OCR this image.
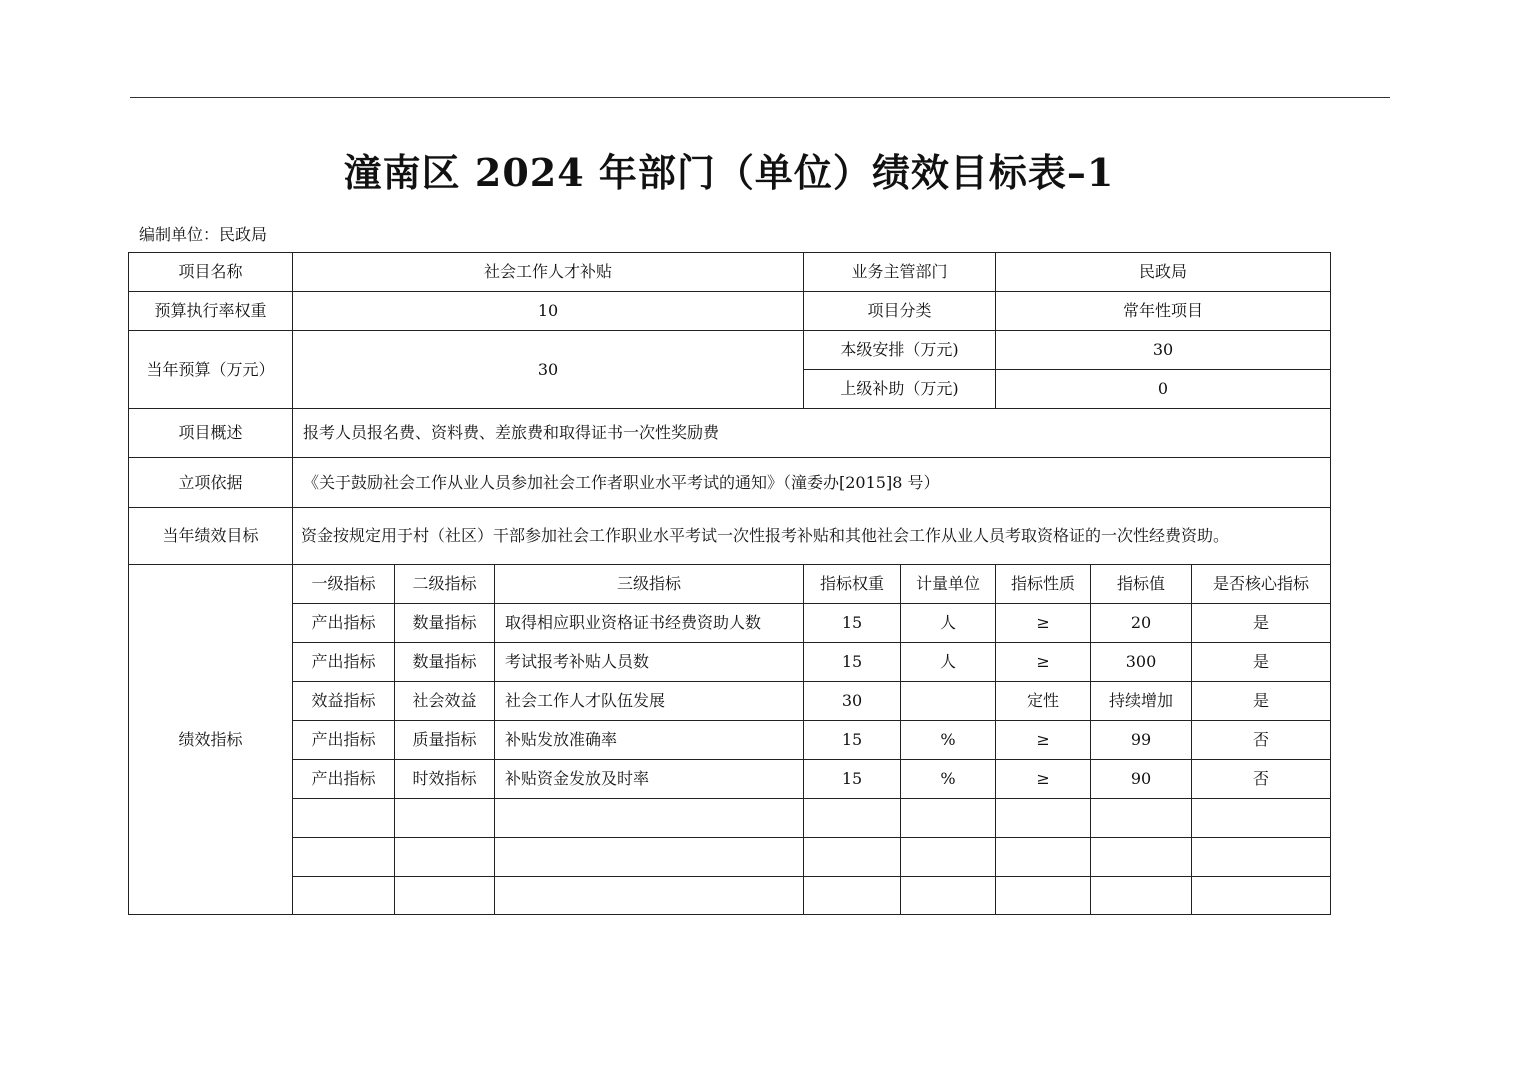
潼南区 2024 年部门（单位）绩效目标表–1
编制单位：民政局
项目名称	社会工作人才补贴			业务主管部门		民政局		
预算执行率权重	10			项目分类		常年性项目		
当年预算（万元）	30			本级安排（万元)		30		
				上级补助（万元)		0		
项目概述	报考人员报名费、资料费、差旅费和取得证书一次性奖励费							
立项依据	《关于鼓励社会工作从业人员参加社会工作者职业水平考试的通知》（潼委办[2015]8 号）							
当年绩效目标	资金按规定用于村（社区）干部参加社会工作职业水平考试一次性报考补贴和其他社会工作从业人员考取资格证的一次性经费资助。							
绩效指标	一级指标	二级指标	三级指标	指标权重	计量单位	指标性质	指标值	是否核心指标
	产出指标	数量指标	取得相应职业资格证书经费资助人数	15	人	≥	20	是
	产出指标	数量指标	考试报考补贴人员数	15	人	≥	300	是
	效益指标	社会效益	社会工作人才队伍发展	30		定性	持续增加	是
	产出指标	质量指标	补贴发放准确率	15	%	≥	99	否
	产出指标	时效指标	补贴资金发放及时率	15	%	≥	90	否
